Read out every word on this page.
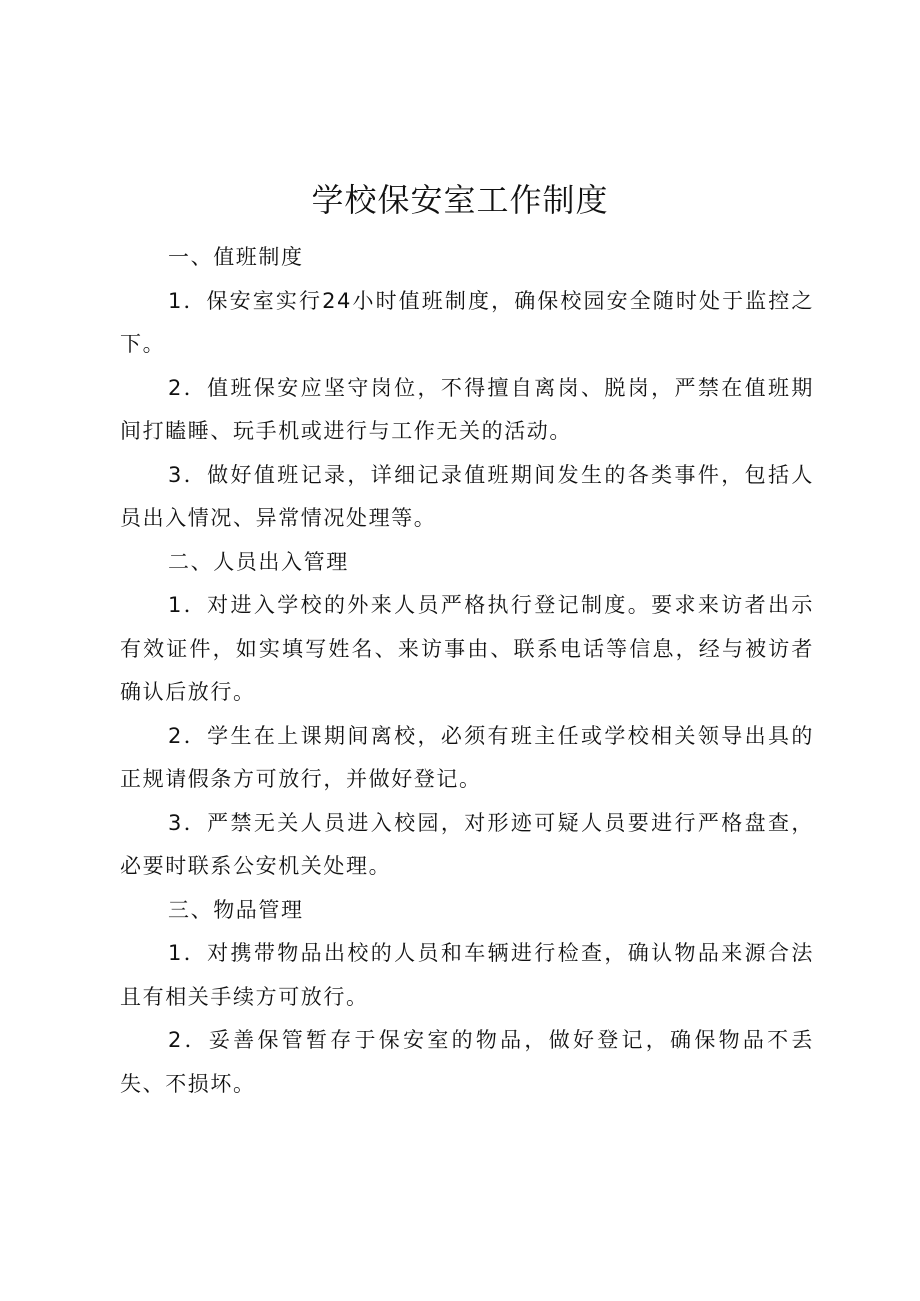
学校保安室工作制度

一、值班制度

1．保安室实行24小时值班制度，确保校园安全随时处于监控之下。

2．值班保安应坚守岗位，不得擅自离岗、脱岗，严禁在值班期间打瞌睡、玩手机或进行与工作无关的活动。

3．做好值班记录，详细记录值班期间发生的各类事件，包括人员出入情况、异常情况处理等。

二、人员出入管理

1．对进入学校的外来人员严格执行登记制度。要求来访者出示有效证件，如实填写姓名、来访事由、联系电话等信息，经与被访者确认后放行。

2．学生在上课期间离校，必须有班主任或学校相关领导出具的正规请假条方可放行，并做好登记。

3．严禁无关人员进入校园，对形迹可疑人员要进行严格盘查，必要时联系公安机关处理。

三、物品管理

1．对携带物品出校的人员和车辆进行检查，确认物品来源合法且有相关手续方可放行。

2．妥善保管暂存于保安室的物品，做好登记，确保物品不丢失、不损坏。
